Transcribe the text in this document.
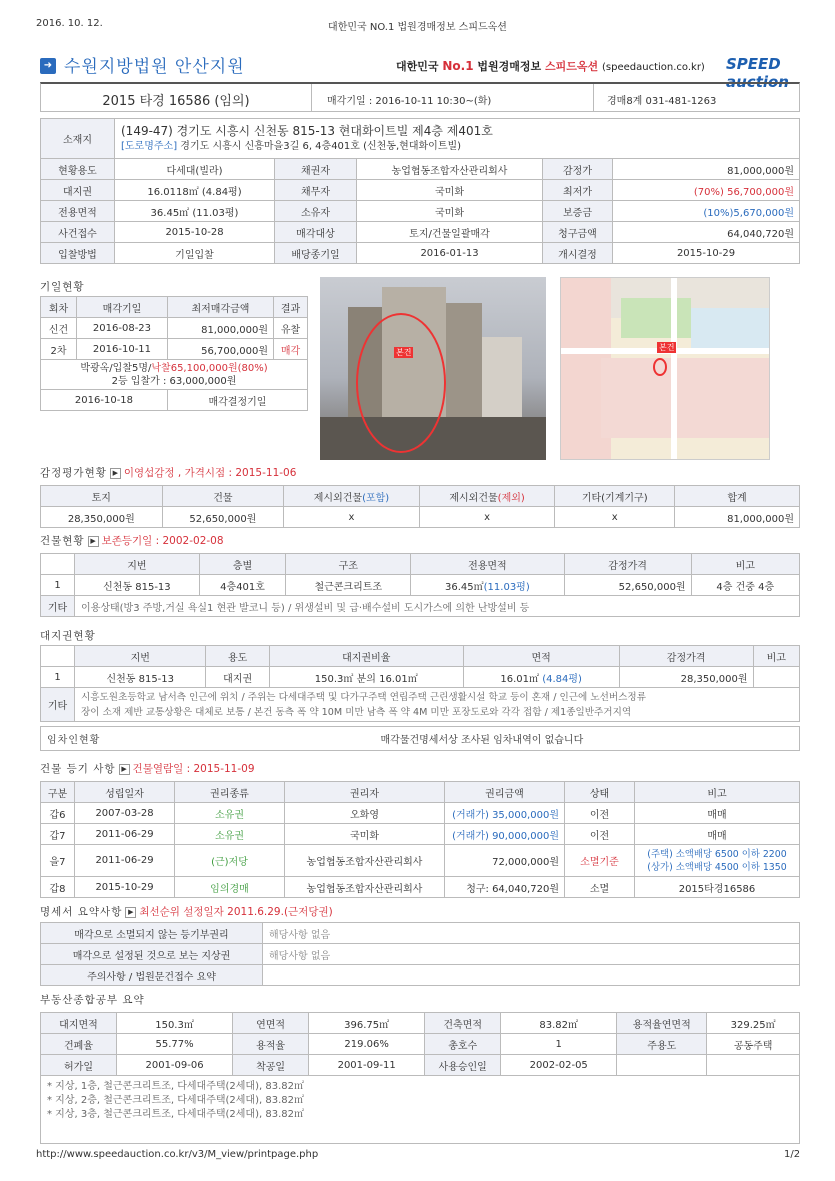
2016. 10. 12.	대한민국 NO.1 법원경매정보 스피드옥션
➜ 수원지방법원 안산지원	대한민국 No.1 법원경매정보 스피드옥션 (speedauction.co.kr) SPEED auction
2015 타경 16586 (임의)	매각기일 : 2016-10-11 10:30~(화)	경매8계 031-481-1263
소재지	(149-47) 경기도 시흥시 신천동 815-13 현대화이트빌 제4층 제401호
[도로명주소] 경기도 시흥시 신흥마을3길 6, 4층401호 (신천동,현대화이트빌)				

현황용도	다세대(빌라)	채권자	농업협동조합자산관리회사	감정가	81,000,000원
대지권	16.0118㎡ (4.84평)	채무자	국미화	최저가	(70%) 56,700,000원
전용면적	36.45㎡ (11.03평)	소유자	국미화	보증금	(10%)5,670,000원
사건접수	2015-10-28	매각대상	토지/건물일괄매각	청구금액	64,040,720원
입찰방법	기일입찰	배당종기일	2016-01-13	개시결정	2015-10-29
기일현황
회차	매각기일	최저매각금액	결과
신건	2016-08-23	81,000,000원	유찰
2차	2016-10-11	56,700,000원	매각

박광옥/입찰5명/낙찰65,100,000원(80%)
2등 입찰가 : 63,000,000원			

2016-10-18		매각결정기일	
본건
본건
감정평가현황 ▶ 이영섭감정 , 가격시점 : 2015-11-06
토지	건물	제시외건물(포함)	제시외건물(제외)	기타(기계기구)	합계
28,350,000원	52,650,000원	x	x	x	81,000,000원
건물현황 ▶ 보존등기일 : 2002-02-08
	지번	층별	구조	전용면적	감정가격	비고
1	신천동 815-13	4층401호	철근콘크리트조	36.45㎡(11.03평)	52,650,000원	4층 건중 4층
기타	이용상태(방3 주방,거실 욕실1 현관 발코니 등) / 위생설비 및 급·배수설비 도시가스에 의한 난방설비 등					
대지권현황
	지번	용도	대지권비율	면적	감정가격	비고
1	신천동 815-13	대지권	150.3㎡ 분의 16.01㎡	16.01㎡ (4.84평)	28,350,000원	
기타	시흥도원초등학교 남서측 인근에 위치 / 주위는 다세대주택 및 다가구주택 연립주택 근린생활시설 학교 등이 혼재 / 인근에 노선버스정류
장이 소재 제반 교통상황은 대체로 보통 / 본건 동측 폭 약 10M 미만 남측 폭 약 4M 미만 포장도로와 각각 접함 / 제1종일반주거지역					
임차인현황	매각물건명세서상 조사된 임차내역이 없습니다
건물 등기 사항 ▶ 건물열람일 : 2015-11-09
구분	성립일자	권리종류	권리자	권리금액	상태	비고
갑6	2007-03-28	소유권	오화영	(거래가) 35,000,000원	이전	매매
갑7	2011-06-29	소유권	국미화	(거래가) 90,000,000원	이전	매매
을7	2011-06-29	(근)저당	농업협동조합자산관리회사	72,000,000원	소멸기준	(주택) 소액배당 6500 이하 2200
(상가) 소액배당 4500 이하 1350

갑8	2015-10-29	임의경매	농업협동조합자산관리회사	청구: 64,040,720원	소멸	2015타경16586
명세서 요약사항 ▶ 최선순위 설정일자 2011.6.29.(근저당권)
매각으로 소멸되지 않는 등기부권리	해당사항 없음
매각으로 설정된 것으로 보는 지상권	해당사항 없음
주의사항 / 법원문건접수 요약	
부동산종합공부 요약
대지면적	150.3㎡	연면적	396.75㎡	건축면적	83.82㎡	용적율연면적	329.25㎡
건폐율	55.77%	용적율	219.06%	총호수	1	주용도	공동주택
허가일	2001-09-06	착공일	2001-09-11	사용승인일	2002-02-05		

* 지상, 1층, 철근콘크리트조, 다세대주택(2세대), 83.82㎡
* 지상, 2층, 철근콘크리트조, 다세대주택(2세대), 83.82㎡
* 지상, 3층, 철근콘크리트조, 다세대주택(2세대), 83.82㎡							
http://www.speedauction.co.kr/v3/M_view/printpage.php	1/2
